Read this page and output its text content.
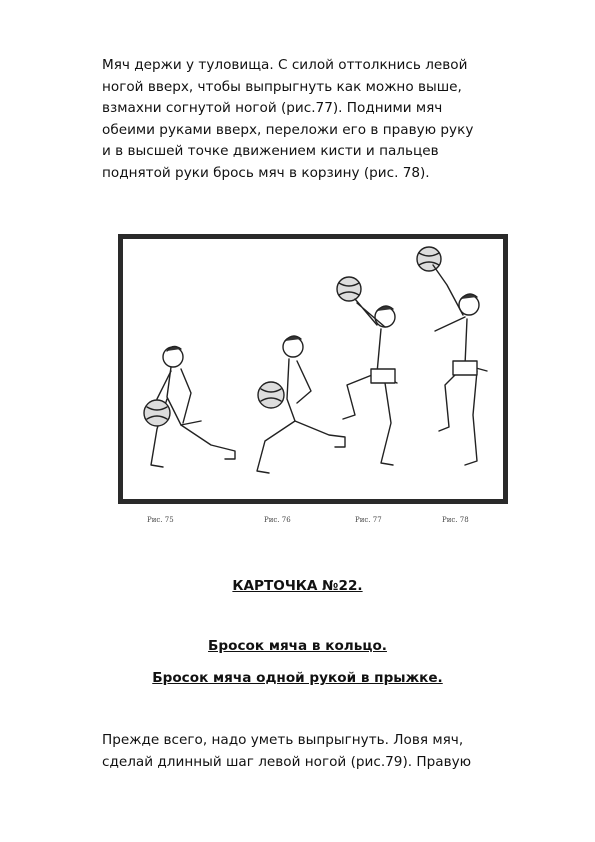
Мяч держи у туловища. С силой оттолкнись левой
ногой вверх, чтобы выпрыгнуть как можно выше,
взмахни согнутой ногой (рис.77). Подними мяч
обеими руками вверх, переложи его в правую руку
и в высшей точке движением кисти и пальцев
поднятой руки брось мяч в корзину (рис. 78).
Рис. 75	Рис. 76	Рис. 77	Рис. 78

КАРТОЧКА №22.

Бросок мяча в кольцо.

Бросок мяча одной рукой в прыжке.

Прежде всего, надо уметь выпрыгнуть. Ловя мяч,
сделай длинный шаг левой ногой (рис.79). Правую
